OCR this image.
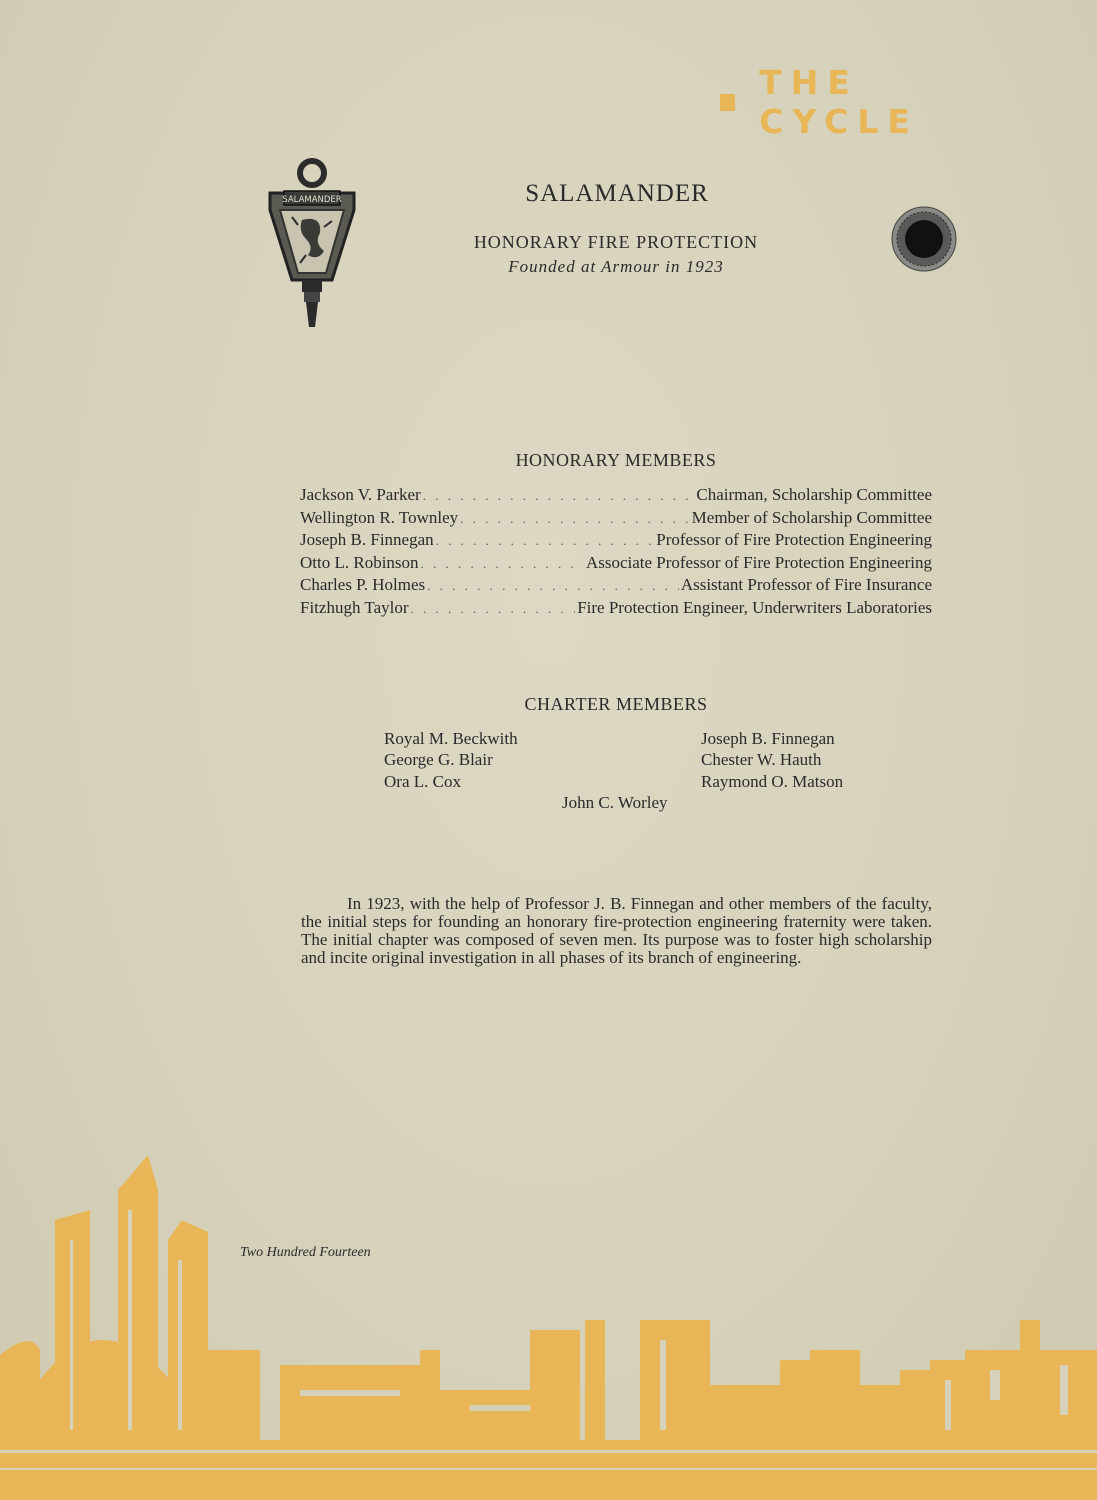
THE CYCLE
SALAMANDER	SALAMANDER
HONORARY FIRE PROTECTION
Founded at Armour in 1923
HONORARY MEMBERS
Jackson V. Parker . . .	Chairman, Scholarship Committee
Wellington R. Townley . . .	Member of Scholarship Committee
Joseph B. Finnegan . . .	Professor of Fire Protection Engineering
Otto L. Robinson . . .	Associate Professor of Fire Protection Engineering
Charles P. Holmes . . .	Assistant Professor of Fire Insurance
Fitzhugh Taylor . . .	Fire Protection Engineer, Underwriters Laboratories
CHARTER MEMBERS
Royal M. Beckwith
George G. Blair
Ora L. Cox
Joseph B. Finnegan
Chester W. Hauth
Raymond O. Matson
John C. Worley
In 1923, with the help of Professor J. B. Finnegan and other members of the faculty, the initial steps for founding an honorary fire-protection engineering fraternity were taken. The initial chapter was composed of seven men. Its purpose was to foster high scholarship and incite original investigation in all phases of its branch of engineering.
Two Hundred Fourteen
